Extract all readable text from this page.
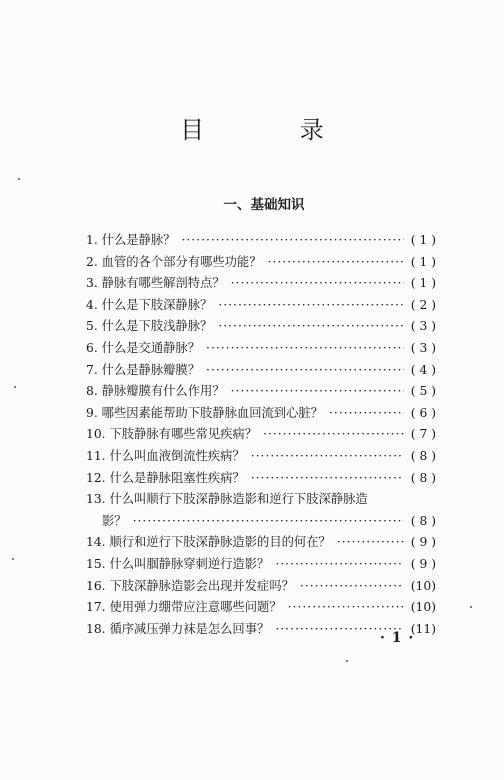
目 录
一、基础知识
1. 什么是静脉？ ·····	( 1 )
2. 血管的各个部分有哪些功能？ ·····	( 1 )
3. 静脉有哪些解剖特点？ ·····	( 1 )
4. 什么是下肢深静脉？ ·····	( 2 )
5. 什么是下肢浅静脉？ ·····	( 3 )
6. 什么是交通静脉？ ·····	( 3 )
7. 什么是静脉瓣膜？ ·····	( 4 )
8. 静脉瓣膜有什么作用？ ·····	( 5 )
9. 哪些因素能帮助下肢静脉血回流到心脏？ ·····	( 6 )
10. 下肢静脉有哪些常见疾病？ ·····	( 7 )
11. 什么叫血液倒流性疾病？ ·····	( 8 )
12. 什么是静脉阻塞性疾病？ ·····	( 8 )
13. 什么叫顺行下肢深静脉造影和逆行下肢深静脉造
影？ ·····	( 8 )
14. 顺行和逆行下肢深静脉造影的目的何在？ ·····	( 9 )
15. 什么叫腘静脉穿刺逆行造影？ ·····	( 9 )
16. 下肢深静脉造影会出现并发症吗？ ·····	(10)
17. 使用弹力绷带应注意哪些问题？ ·····	(10)
18. 循序减压弹力袜是怎么回事？ ·····	(11)
· 1 ·
